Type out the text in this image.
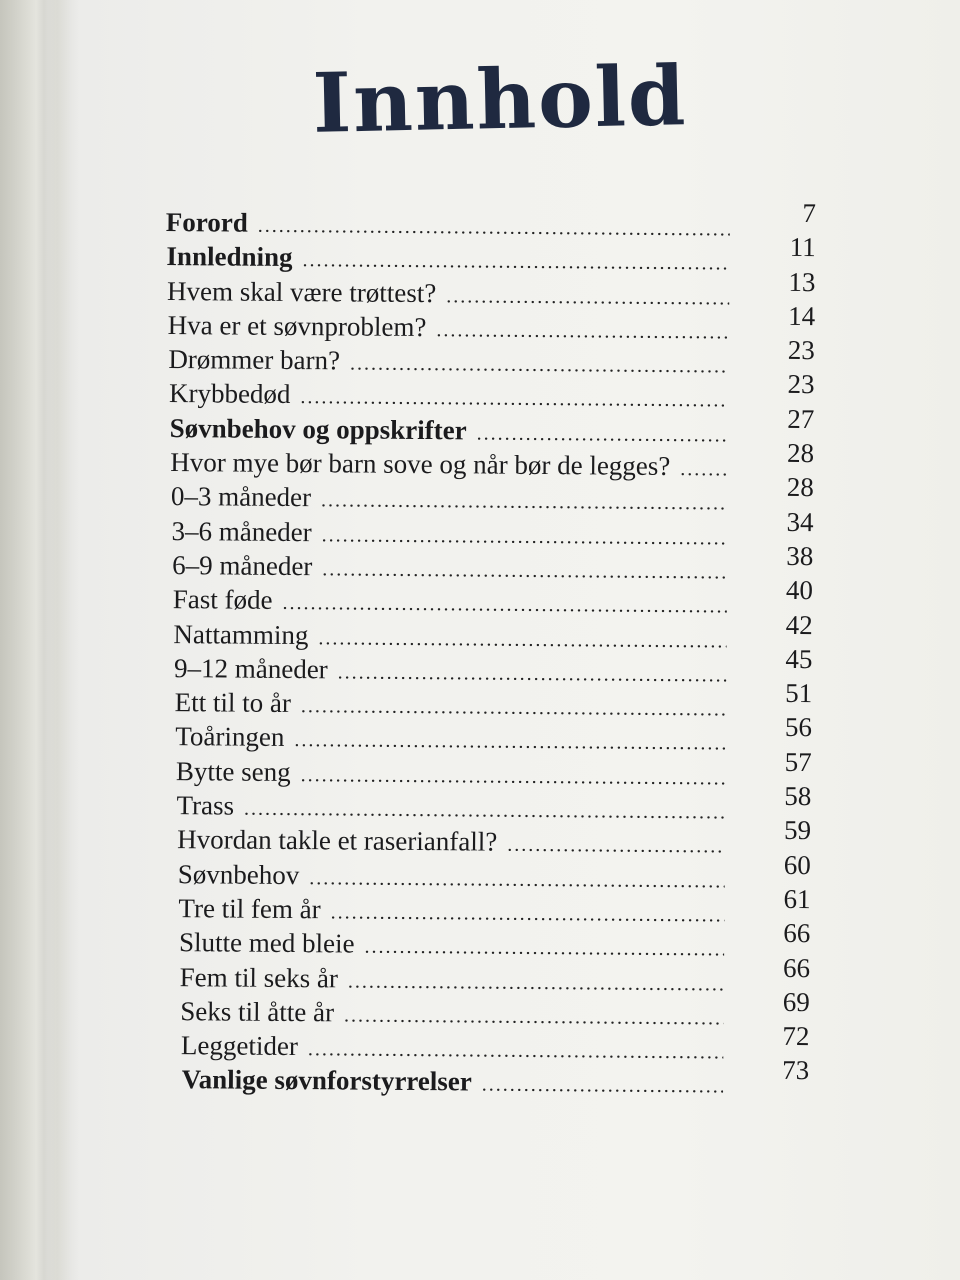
Innhold
Forord .....	7
Innledning .....	11
Hvem skal være trøttest? .....	13
Hva er et søvnproblem? .....	14
Drømmer barn? .....	23
Krybbedød .....	23
Søvnbehov og oppskrifter .....	27
Hvor mye bør barn sove og når bør de legges? .....	28
0–3 måneder .....	28
3–6 måneder .....	34
6–9 måneder .....	38
Fast føde .....	40
Nattamming .....	42
9–12 måneder .....	45
Ett til to år .....	51
Toåringen .....	56
Bytte seng .....	57
Trass .....	58
Hvordan takle et raserianfall? .....	59
Søvnbehov .....	60
Tre til fem år .....	61
Slutte med bleie .....	66
Fem til seks år .....	66
Seks til åtte år .....	69
Leggetider .....	72
Vanlige søvnforstyrrelser .....	73
